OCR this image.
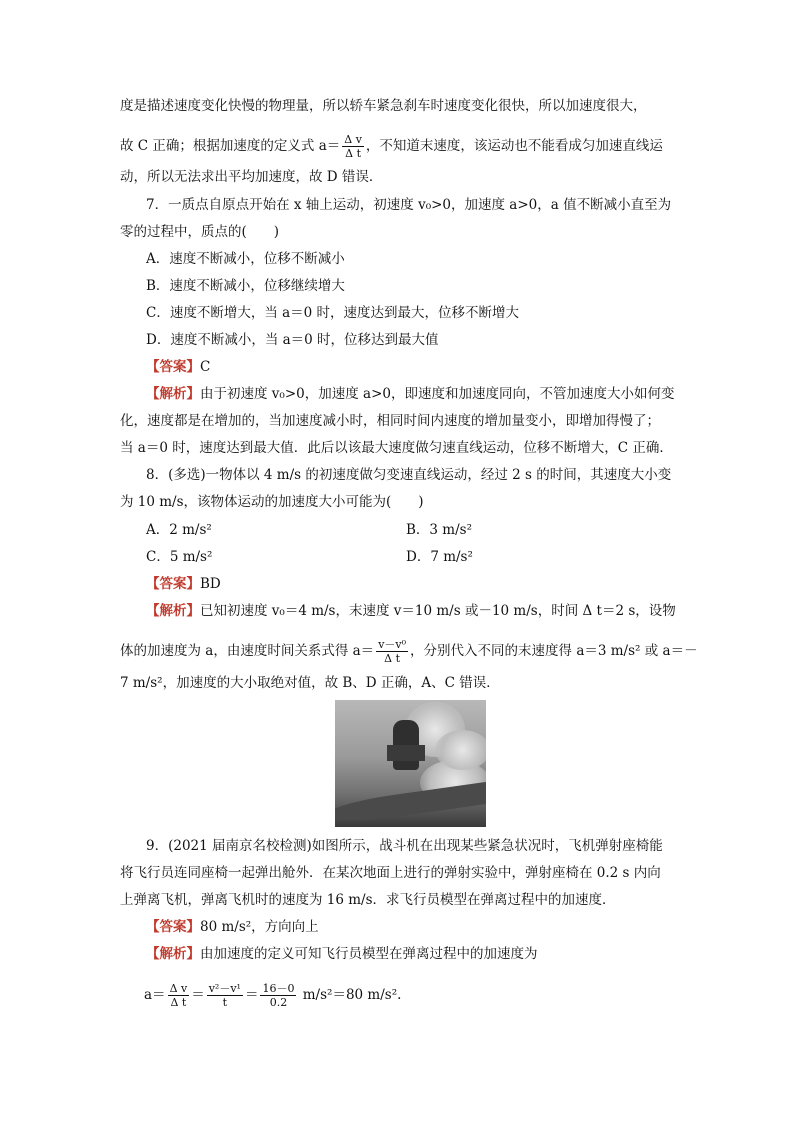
度是描述速度变化快慢的物理量，所以轿车紧急刹车时速度变化很快，所以加速度很大，
故 C 正确；根据加速度的定义式 $a= \frac{\text{Δ v}}{\text{Δ t}}$ ，不知道末速度，该运动也不能看成匀加速直线运
动，所以无法求出平均加速度，故 D 错误．
7．一质点自原点开始在 x 轴上运动，初速度 v₀>0，加速度 a>0，a 值不断减小直至为
零的过程中，质点的(　　)
A．速度不断减小，位移不断减小
B．速度不断减小，位移继续增大
C．速度不断增大，当 a＝0 时，速度达到最大，位移不断增大
D．速度不断减小，当 a＝0 时，位移达到最大值
【答案】C
【解析】由于初速度 v₀>0，加速度 a>0，即速度和加速度同向，不管加速度大小如何变
化，速度都是在增加的，当加速度减小时，相同时间内速度的增加量变小，即增加得慢了；
当 a＝0 时，速度达到最大值．此后以该最大速度做匀速直线运动，位移不断增大，C 正确．
8．(多选)一物体以 4 m/s 的初速度做匀变速直线运动，经过 2 s 的时间，其速度大小变
为 10 m/s，该物体运动的加速度大小可能为(　　)
A．2 m/s²	B．3 m/s²
C．5 m/s²	D．7 m/s²
【答案】BD
【解析】已知初速度 v₀＝4 m/s，末速度 v＝10 m/s 或－10 m/s，时间 Δ t＝2 s，设物
体的加速度为 a，由速度时间关系式得 $a= \frac{\text{v－v⁰}}{\text{Δ t}}$ ，分别代入不同的末速度得 a＝3 m/s² 或 a＝－
7 m/s²，加速度的大小取绝对值，故 B、D 正确，A、C 错误．
9．(2021 届南京名校检测)如图所示，战斗机在出现某些紧急状况时，飞机弹射座椅能
将飞行员连同座椅一起弹出舱外．在某次地面上进行的弹射实验中，弹射座椅在 0.2 s 内向
上弹离飞机，弹离飞机时的速度为 16 m/s．求飞行员模型在弹离过程中的加速度．
【答案】80 m/s²，方向向上
【解析】由加速度的定义可知飞行员模型在弹离过程中的加速度为
$a= \frac{\text{Δ v}}{\text{Δ t}} = \frac{\text{v²－v¹}}{t} = \frac{16-0}{0.2} m/s^2=80$ m/s².
